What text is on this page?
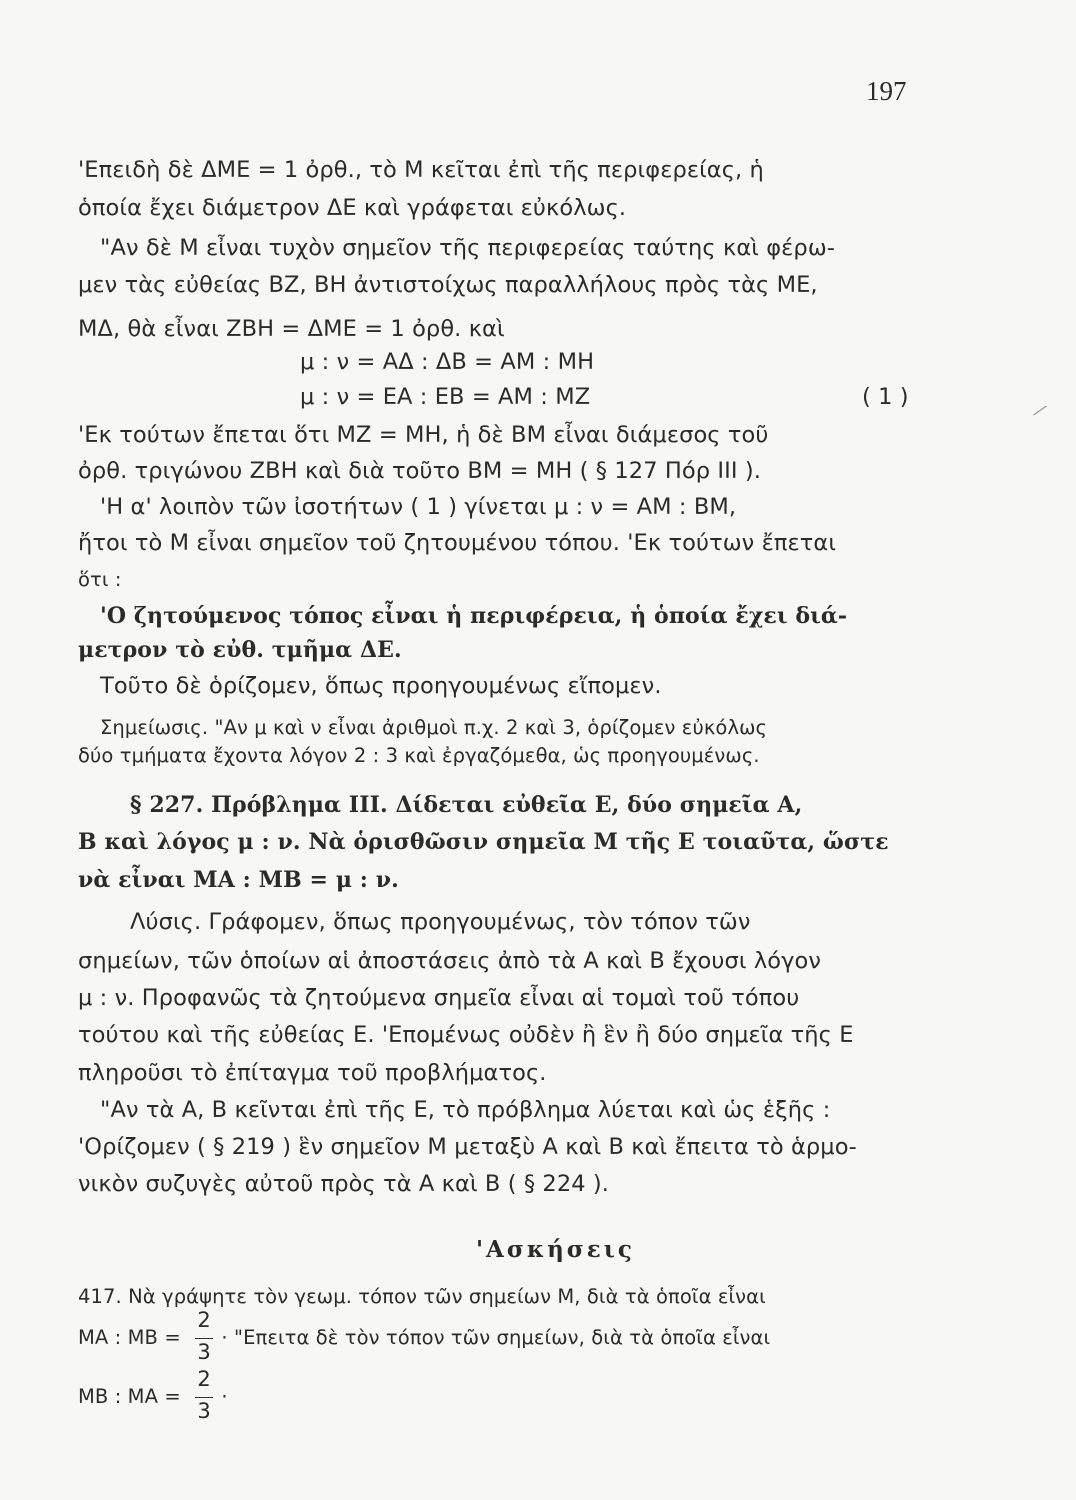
197
'Επειδὴ δὲ ΔΜΕ = 1 ὀρθ., τὸ Μ κεῖται ἐπὶ τῆς περιφερείας, ἡ
ὁποία ἔχει διάμετρον ΔΕ καὶ γράφεται εὐκόλως.
"Αν δὲ Μ εἶναι τυχὸν σημεῖον τῆς περιφερείας ταύτης καὶ φέρω-
μεν τὰς εὐθείας ΒΖ, ΒΗ ἀντιστοίχως παραλλήλους πρὸς τὰς ΜΕ,
ΜΔ, θὰ εἶναι ΖΒΗ = ΔΜΕ = 1 ὀρθ. καὶ
μ : ν = ΑΔ : ΔΒ = ΑΜ : ΜΗ
μ : ν = ΕΑ : ΕΒ = ΑΜ : ΜΖ	( 1 )
'Εκ τούτων ἔπεται ὅτι ΜΖ = ΜΗ, ἡ δὲ ΒΜ εἶναι διάμεσος τοῦ
ὀρθ. τριγώνου ΖΒΗ καὶ διὰ τοῦτο ΒΜ = ΜΗ ( § 127 Πόρ ΙΙΙ ).
'Η α' λοιπὸν τῶν ἰσοτήτων ( 1 ) γίνεται μ : ν = ΑΜ : ΒΜ,
ἤτοι τὸ Μ εἶναι σημεῖον τοῦ ζητουμένου τόπου. 'Εκ τούτων ἔπεται
ὅτι :
'Ο ζητούμενος τόπος εἶναι ἡ περιφέρεια, ἡ ὁποία ἔχει διά-
μετρον τὸ εὐθ. τμῆμα ΔΕ.
Τοῦτο δὲ ὁρίζομεν, ὅπως προηγουμένως εἴπομεν.
Σημείωσις. "Αν μ καὶ ν εἶναι ἀριθμοὶ π.χ. 2 καὶ 3, ὁρίζομεν εὐκόλως
δύο τμήματα ἔχοντα λόγον 2 : 3 καὶ ἐργαζόμεθα, ὡς προηγουμένως.
§ 227. Πρόβλημα ΙΙΙ. Δίδεται εὐθεῖα Ε, δύο σημεῖα Α,
Β καὶ λόγος μ : ν. Νὰ ὁρισθῶσιν σημεῖα Μ τῆς Ε τοιαῦτα, ὥστε
νὰ εἶναι ΜΑ : ΜΒ = μ : ν.
Λύσις. Γράφομεν, ὅπως προηγουμένως, τὸν τόπον τῶν
σημείων, τῶν ὁποίων αἱ ἀποστάσεις ἀπὸ τὰ Α καὶ Β ἔχουσι λόγον
μ : ν. Προφανῶς τὰ ζητούμενα σημεῖα εἶναι αἱ τομαὶ τοῦ τόπου
τούτου καὶ τῆς εὐθείας Ε. 'Επομένως οὐδὲν ἢ ἓν ἢ δύο σημεῖα τῆς Ε
πληροῦσι τὸ ἐπίταγμα τοῦ προβλήματος.
"Αν τὰ Α, Β κεῖνται ἐπὶ τῆς Ε, τὸ πρόβλημα λύεται καὶ ὡς ἑξῆς :
'Ορίζομεν ( § 219 ) ἓν σημεῖον Μ μεταξὺ Α καὶ Β καὶ ἔπειτα τὸ ἁρμο-
νικὸν συζυγὲς αὐτοῦ πρὸς τὰ Α καὶ Β ( § 224 ).
'Ασκήσεις
417. Νὰ γράψητε τὸν γεωμ. τόπον τῶν σημείων Μ, διὰ τὰ ὁποῖα εἶναι
ΜΑ : $MB = \frac{2}{3}$ · "Επειτα δὲ τὸν τόπον τῶν σημείων, διὰ τὰ ὁποῖα εἶναι
ΜΒ : $MA = \frac{2}{3}$ ·
